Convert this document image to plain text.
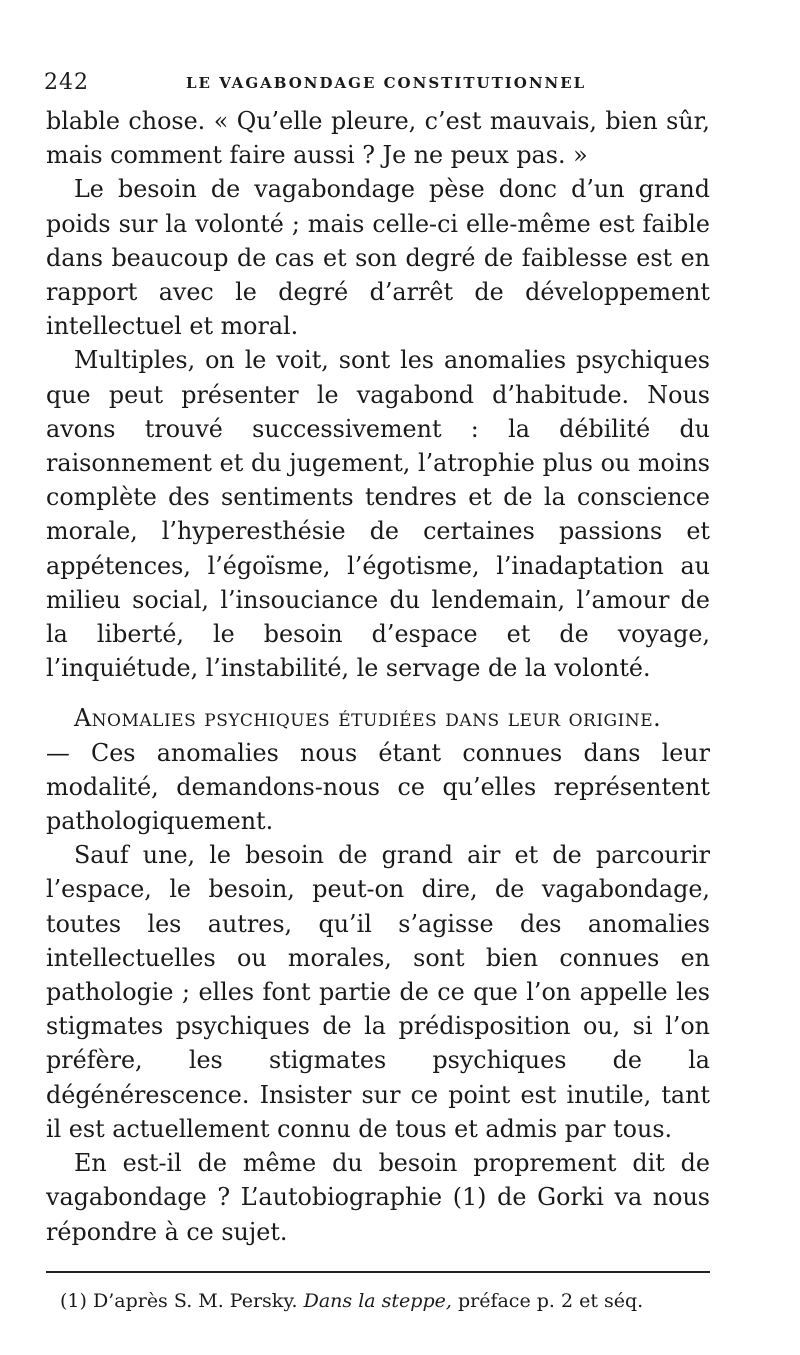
242	LE VAGABONDAGE CONSTITUTIONNEL

blable chose. « Qu’elle pleure, c’est mauvais, bien sûr, mais comment faire aussi ? Je ne peux pas. »

Le besoin de vagabondage pèse donc d’un grand poids sur la volonté ; mais celle-ci elle-même est faible dans beaucoup de cas et son degré de faiblesse est en rapport avec le degré d’arrêt de développement intellectuel et moral.

Multiples, on le voit, sont les anomalies psychiques que peut présenter le vagabond d’habitude. Nous avons trouvé successivement : la débilité du raisonnement et du jugement, l’atrophie plus ou moins complète des sentiments tendres et de la conscience morale, l’hyperesthésie de certaines passions et appétences, l’égoïsme, l’égotisme, l’inadaptation au milieu social, l’insouciance du lendemain, l’amour de la liberté, le besoin d’espace et de voyage, l’inquiétude, l’instabilité, le servage de la volonté.

Anomalies psychiques étudiées dans leur origine.

— Ces anomalies nous étant connues dans leur modalité, demandons-nous ce qu’elles représentent pathologiquement.

Sauf une, le besoin de grand air et de parcourir l’espace, le besoin, peut-on dire, de vagabondage, toutes les autres, qu’il s’agisse des anomalies intellectuelles ou morales, sont bien connues en pathologie ; elles font partie de ce que l’on appelle les stigmates psychiques de la prédisposition ou, si l’on préfère, les stigmates psychiques de la dégénérescence. Insister sur ce point est inutile, tant il est actuellement connu de tous et admis par tous.

En est-il de même du besoin proprement dit de vagabondage ? L’autobiographie (1) de Gorki va nous répondre à ce sujet.

(1) D’après S. M. Persky. Dans la steppe, préface p. 2 et séq.
